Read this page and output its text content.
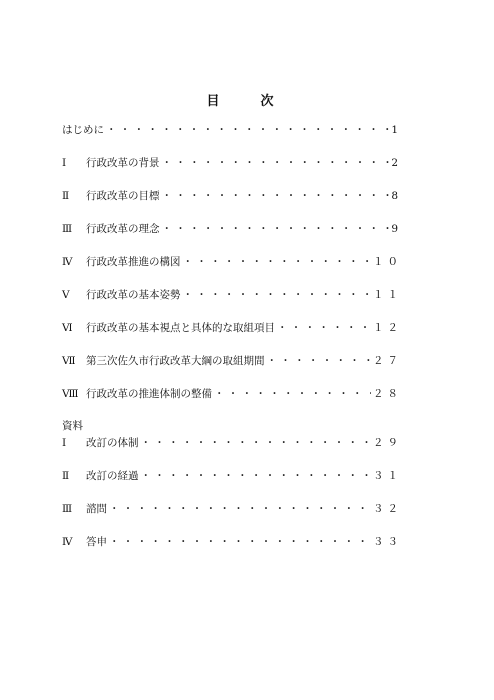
目　次
はじめに ・・・・・・・・・・・・・・・・・・・・・・・・・・・・・・・・・・・・・・・・	1
Ⅰ	行政改革の背景 ・・・・・・・・・・・・・・・・・・・・・・・・・・・・・・・・・・・・・・・・	2
Ⅱ	行政改革の目標 ・・・・・・・・・・・・・・・・・・・・・・・・・・・・・・・・・・・・・・・・	8
Ⅲ	行政改革の理念 ・・・・・・・・・・・・・・・・・・・・・・・・・・・・・・・・・・・・・・・・	9
Ⅳ	行政改革推進の構図 ・・・・・・・・・・・・・・・・・・・・・・・・・・・・・・・・・・・・・・・・	１０
Ⅴ	行政改革の基本姿勢 ・・・・・・・・・・・・・・・・・・・・・・・・・・・・・・・・・・・・・・・・	１１
Ⅵ	行政改革の基本視点と具体的な取組項目 ・・・・・・・・・・・・・・・・・・・・・・・・・・・・・・・・・・・・・・・・	１２
Ⅶ 第三次佐久市行政改革大綱の取組期間 ・・・・・・・・・・・・・・・・・・・・・・・・・・・・・・・・・・・・・・・・	２７
Ⅷ 行政改革の推進体制の整備 ・・・・・・・・・・・・・・・・・・・・・・・・・・・・・・・・・・・・・・・・	２８
資料
Ⅰ	改訂の体制 ・・・・・・・・・・・・・・・・・・・・・・・・・・・・・・・・・・・・・・・・	２９
Ⅱ	改訂の経過 ・・・・・・・・・・・・・・・・・・・・・・・・・・・・・・・・・・・・・・・・	３１
Ⅲ	諮問 ・・・・・・・・・・・・・・・・・・・・・・・・・・・・・・・・・・・・・・・・	３２
Ⅳ	答申 ・・・・・・・・・・・・・・・・・・・・・・・・・・・・・・・・・・・・・・・・	３３
